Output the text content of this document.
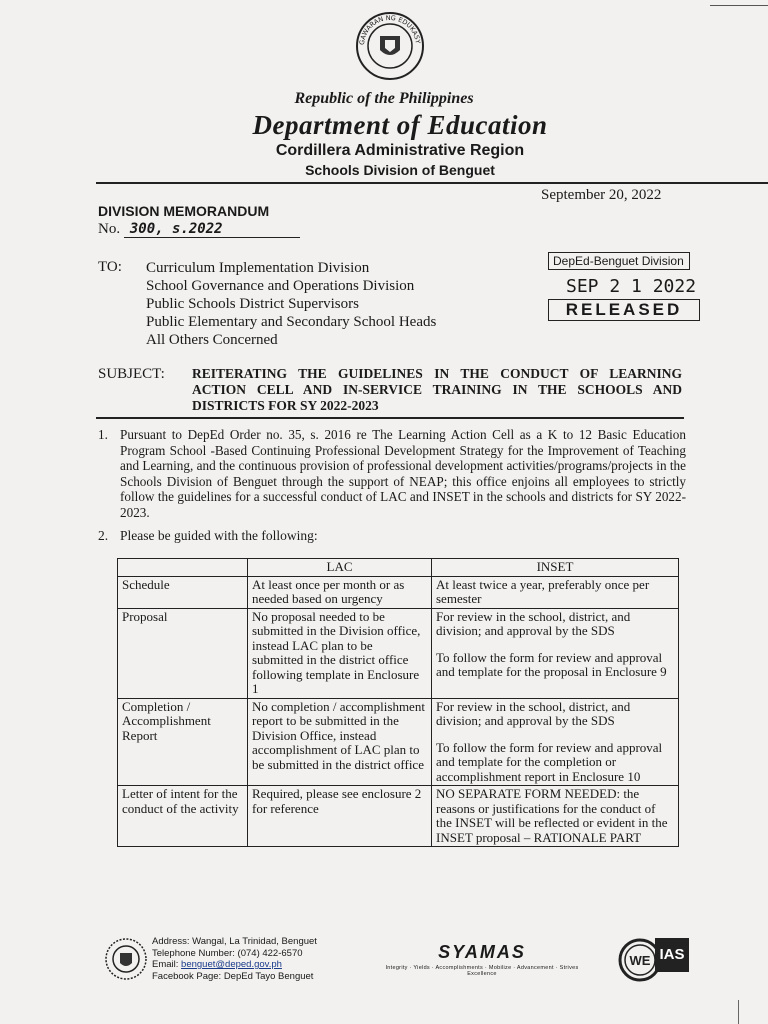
GAWARAN NG EDUKASY
Republic of the Philippines
Department of Education
Cordillera Administrative Region
Schools Division of Benguet
September 20, 2022
DIVISION MEMORANDUM
No. 300, s.2022
TO: Curriculum Implementation Division
School Governance and Operations Division
Public Schools District Supervisors
Public Elementary and Secondary School Heads
All Others Concerned
DepEd-Benguet Division
SEP 2 1 2022
RELEASED
SUBJECT: REITERATING THE GUIDELINES IN THE CONDUCT OF LEARNING ACTION CELL AND IN-SERVICE TRAINING IN THE SCHOOLS AND DISTRICTS FOR SY 2022-2023
1. Pursuant to DepEd Order no. 35, s. 2016 re The Learning Action Cell as a K to 12 Basic Education Program School -Based Continuing Professional Development Strategy for the Improvement of Teaching and Learning, and the continuous provision of professional development activities/programs/projects in the Schools Division of Benguet through the support of NEAP; this office enjoins all employees to strictly follow the guidelines for a successful conduct of LAC and INSET in the schools and districts for SY 2022-2023.
2. Please be guided with the following:
	LAC	INSET
Schedule	At least once per month or as needed based on urgency	At least twice a year, preferably once per semester
Proposal	No proposal needed to be submitted in the Division office, instead LAC plan to be submitted in the district office following template in Enclosure 1	For review in the school, district, and division; and approval by the SDS
To follow the form for review and approval and template for the proposal in Enclosure 9
Completion / Accomplishment Report	No completion / accomplishment report to be submitted in the Division Office, instead accomplishment of LAC plan to be submitted in the district office	For review in the school, district, and division; and approval by the SDS
To follow the form for review and approval and template for the completion or accomplishment report in Enclosure 10
Letter of intent for the conduct of the activity	Required, please see enclosure 2 for reference	NO SEPARATE FORM NEEDED: the reasons or justifications for the conduct of the INSET will be reflected or evident in the INSET proposal – RATIONALE PART
Address: Wangal, La Trinidad, Benguet
Telephone Number: (074) 422-6570
Email: benguet@deped.gov.ph
Facebook Page: DepEd Tayo Benguet
SYAMAS
Integrity · Yields · Accomplishments · Mobilize · Advancement · Strives Excellence
WE IAS
